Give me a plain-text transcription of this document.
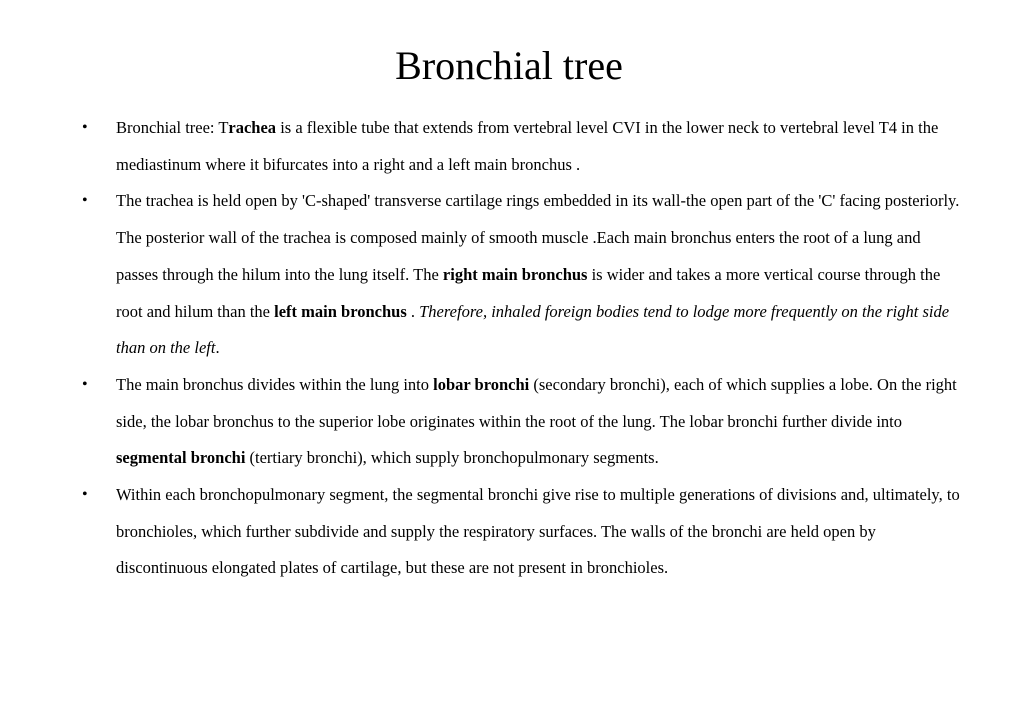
Bronchial tree
• Bronchial tree: Trachea is a flexible tube that extends from vertebral level CVI in the lower neck to vertebral level T4 in the mediastinum where it bifurcates into a right and a left main bronchus .
• The trachea is held open by 'C-shaped' transverse cartilage rings embedded in its wall-the open part of the 'C' facing posteriorly. The posterior wall of the trachea is composed mainly of smooth muscle .Each main bronchus enters the root of a lung and passes through the hilum into the lung itself. The right main bronchus is wider and takes a more vertical course through the root and hilum than the left main bronchus . Therefore, inhaled foreign bodies tend to lodge more frequently on the right side than on the left.
• The main bronchus divides within the lung into lobar bronchi (secondary bronchi), each of which supplies a lobe. On the right side, the lobar bronchus to the superior lobe originates within the root of the lung. The lobar bronchi further divide into segmental bronchi (tertiary bronchi), which supply bronchopulmonary segments.
• Within each bronchopulmonary segment, the segmental bronchi give rise to multiple generations of divisions and, ultimately, to bronchioles, which further subdivide and supply the respiratory surfaces. The walls of the bronchi are held open by discontinuous elongated plates of cartilage, but these are not present in bronchioles.
